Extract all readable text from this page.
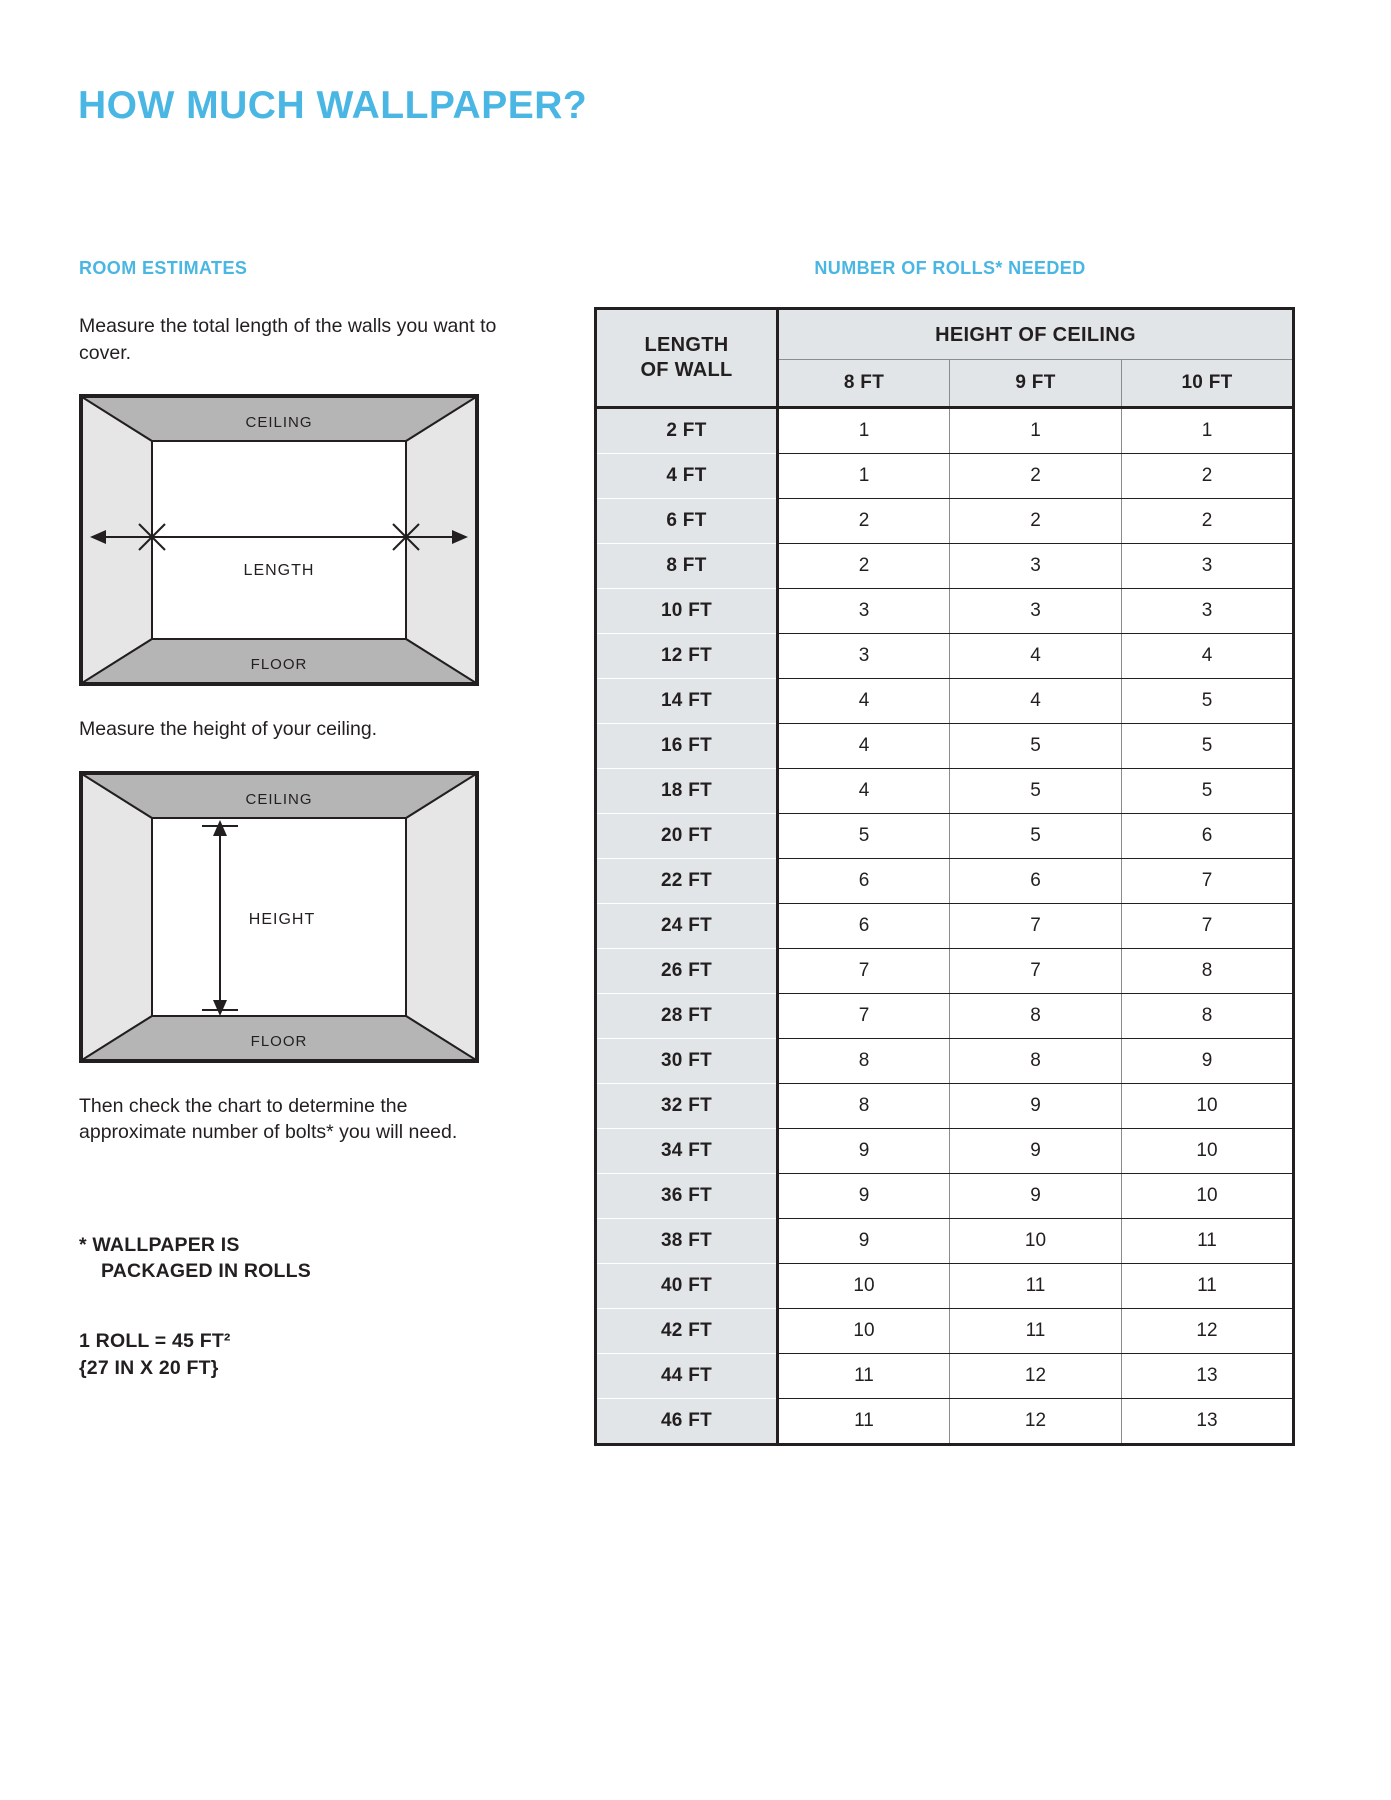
HOW MUCH WALLPAPER?
ROOM ESTIMATES

Measure the total length of the walls you want to cover.

CEILING
FLOOR
LENGTH

Measure the height of your ceiling.

CEILING
FLOOR
HEIGHT

Then check the chart to determine the approximate number of bolts* you will need.

* WALLPAPER IS

PACKAGED IN ROLLS
1 ROLL = 45 FT²
{27 IN X 20 FT}
NUMBER OF ROLLS* NEEDED
LENGTH
OF WALL	HEIGHT OF CEILING		
	8 FT	9 FT	10 FT
2 FT	1	1	1
4 FT	1	2	2
6 FT	2	2	2
8 FT	2	3	3
10 FT	3	3	3
12 FT	3	4	4
14 FT	4	4	5
16 FT	4	5	5
18 FT	4	5	5
20 FT	5	5	6
22 FT	6	6	7
24 FT	6	7	7
26 FT	7	7	8
28 FT	7	8	8
30 FT	8	8	9
32 FT	8	9	10
34 FT	9	9	10
36 FT	9	9	10
38 FT	9	10	11
40 FT	10	11	11
42 FT	10	11	12
44 FT	11	12	13
46 FT	11	12	13
